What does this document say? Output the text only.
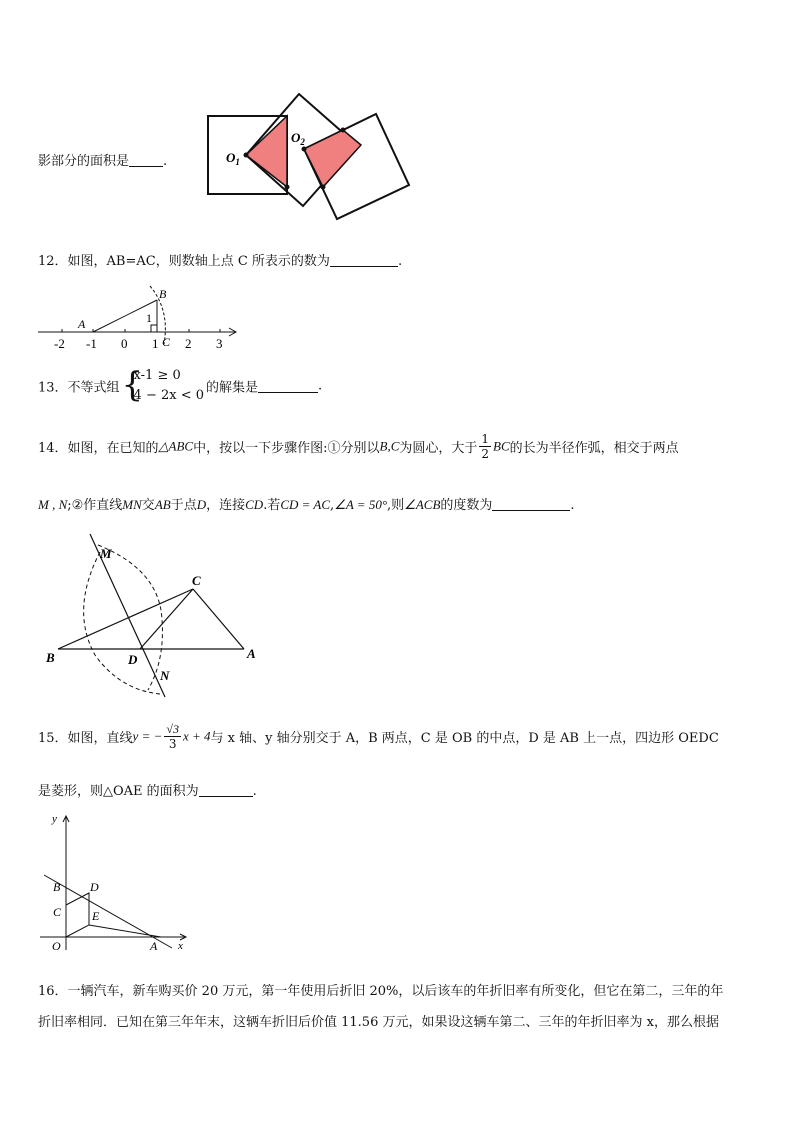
影部分的面积是	.	$O_1$
$O_2$
12．如图，AB=AC，则数轴上点 C 所表示的数为	.
-2 -1 0 1 2 3
A
B
C
1
13．不等式组 {
x-1 ≥ 0
4 − 2x < 0 的解集是	.
14．如图，在已知的△ABC中，按以一下步骤作图:①分别以B,C为圆心，大于 $\frac{1}{2}$ BC的长为半径作弧，相交于两点
M , N;②作直线MN交AB于点D，连接CD.若CD = AC,∠A = 50°,则∠ACB的度数为	.
M
C
B	D	A
N
15．如图，直线y = − $\frac{√3}{3}$ x + 4与 x 轴、y 轴分别交于 A，B 两点，C 是 OB 的中点，D 是 AB 上一点，四边形 OEDC
是菱形，则△OAE 的面积为	.
y
x
B D
C	E
O	A
16．一辆汽车，新车购买价 20 万元，第一年使用后折旧 20%，以后该车的年折旧率有所变化，但它在第二，三年的年
折旧率相同．已知在第三年年末，这辆车折旧后价值 11.56 万元，如果设这辆车第二、三年的年折旧率为 x，那么根据
